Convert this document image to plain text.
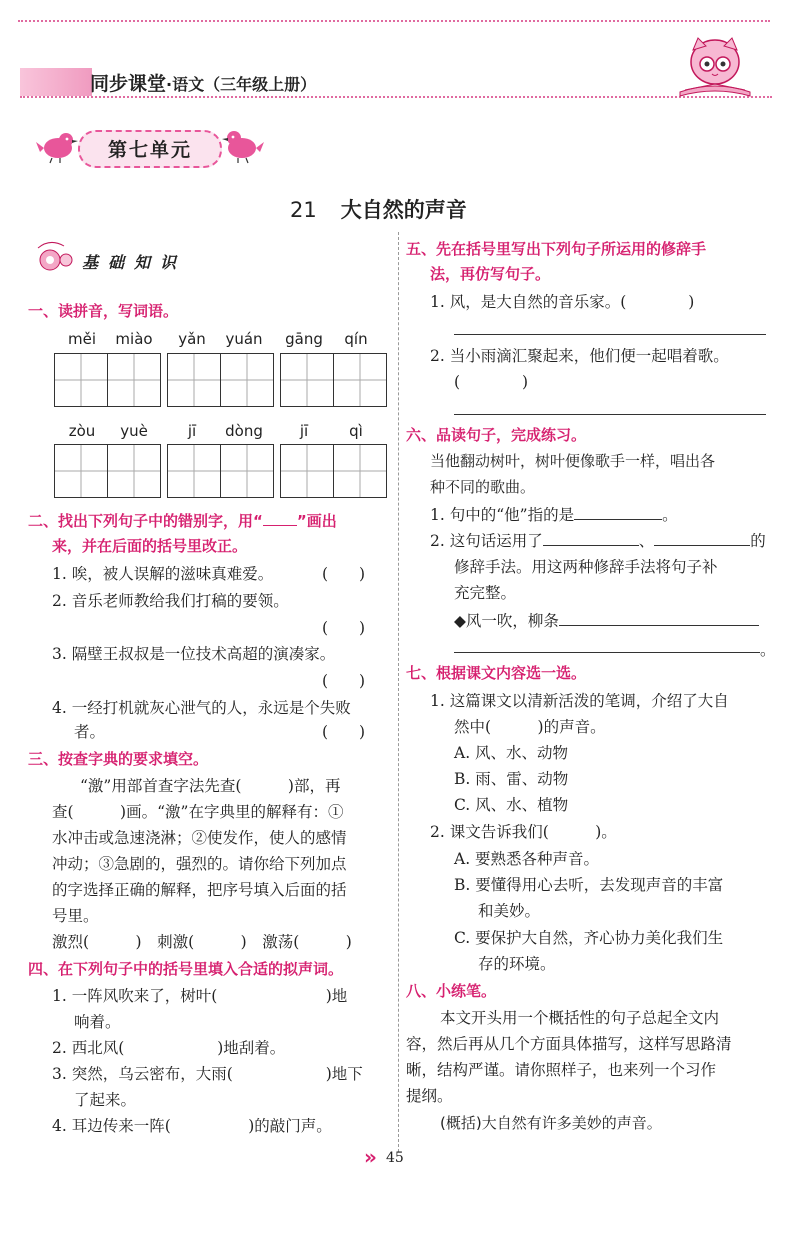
同步课堂·语文（三年级上册）
第七单元
21 大自然的声音
基础知识
一、读拼音，写词语。
měi	miào	yǎn	yuán	gāng	qín
zòu	yuè	jī	dòng	jī	qì
二、找出下列句子中的错别字，用“ ”画出
来，并在后面的括号里改正。
1. 唉，被人误解的滋味真难爱。	(　　)
2. 音乐老师教给我们打稿的要领。
(　　)
3. 隔壁王叔叔是一位技术高超的演凑家。
(　　)
4. 一经打机就灰心泄气的人，永远是个失败
者。	(　　)
三、按查字典的要求填空。
“激”用部首查字法先查(　　　)部，再
查(　　　)画。“激”在字典里的解释有：①
水冲击或急速浇淋；②使发作，使人的感情
冲动；③急剧的，强烈的。请你给下列加点
的字选择正确的解释，把序号填入后面的括
号里。
激烈(　　　)　刺激(　　　)　激荡(　　　)
四、在下列句子中的括号里填入合适的拟声词。
1. 一阵风吹来了，树叶(　　　　　　　)地
响着。
2. 西北风(　　　　　　)地刮着。
3. 突然，乌云密布，大雨(　　　　　　)地下
了起来。
4. 耳边传来一阵(　　　　　)的敲门声。
五、先在括号里写出下列句子所运用的修辞手
法，再仿写句子。
1. 风，是大自然的音乐家。(　　　　)
2. 当小雨滴汇聚起来，他们便一起唱着歌。
(　　　　)
六、品读句子，完成练习。
当他翻动树叶，树叶便像歌手一样，唱出各
种不同的歌曲。
1. 句中的“他”指的是	。
2. 这句话运用了	、	的
修辞手法。用这两种修辞手法将句子补
充完整。
◆风一吹，柳条
。
七、根据课文内容选一选。
1. 这篇课文以清新活泼的笔调，介绍了大自
然中(　　　)的声音。
A. 风、水、动物
B. 雨、雷、动物
C. 风、水、植物
2. 课文告诉我们(　　　)。
A. 要熟悉各种声音。
B. 要懂得用心去听，去发现声音的丰富
和美妙。
C. 要保护大自然，齐心协力美化我们生
存的环境。
八、小练笔。
本文开头用一个概括性的句子总起全文内
容，然后再从几个方面具体描写，这样写思路清
晰，结构严谨。请你照样子，也来列一个习作
提纲。
(概括)大自然有许多美妙的声音。
» 45
